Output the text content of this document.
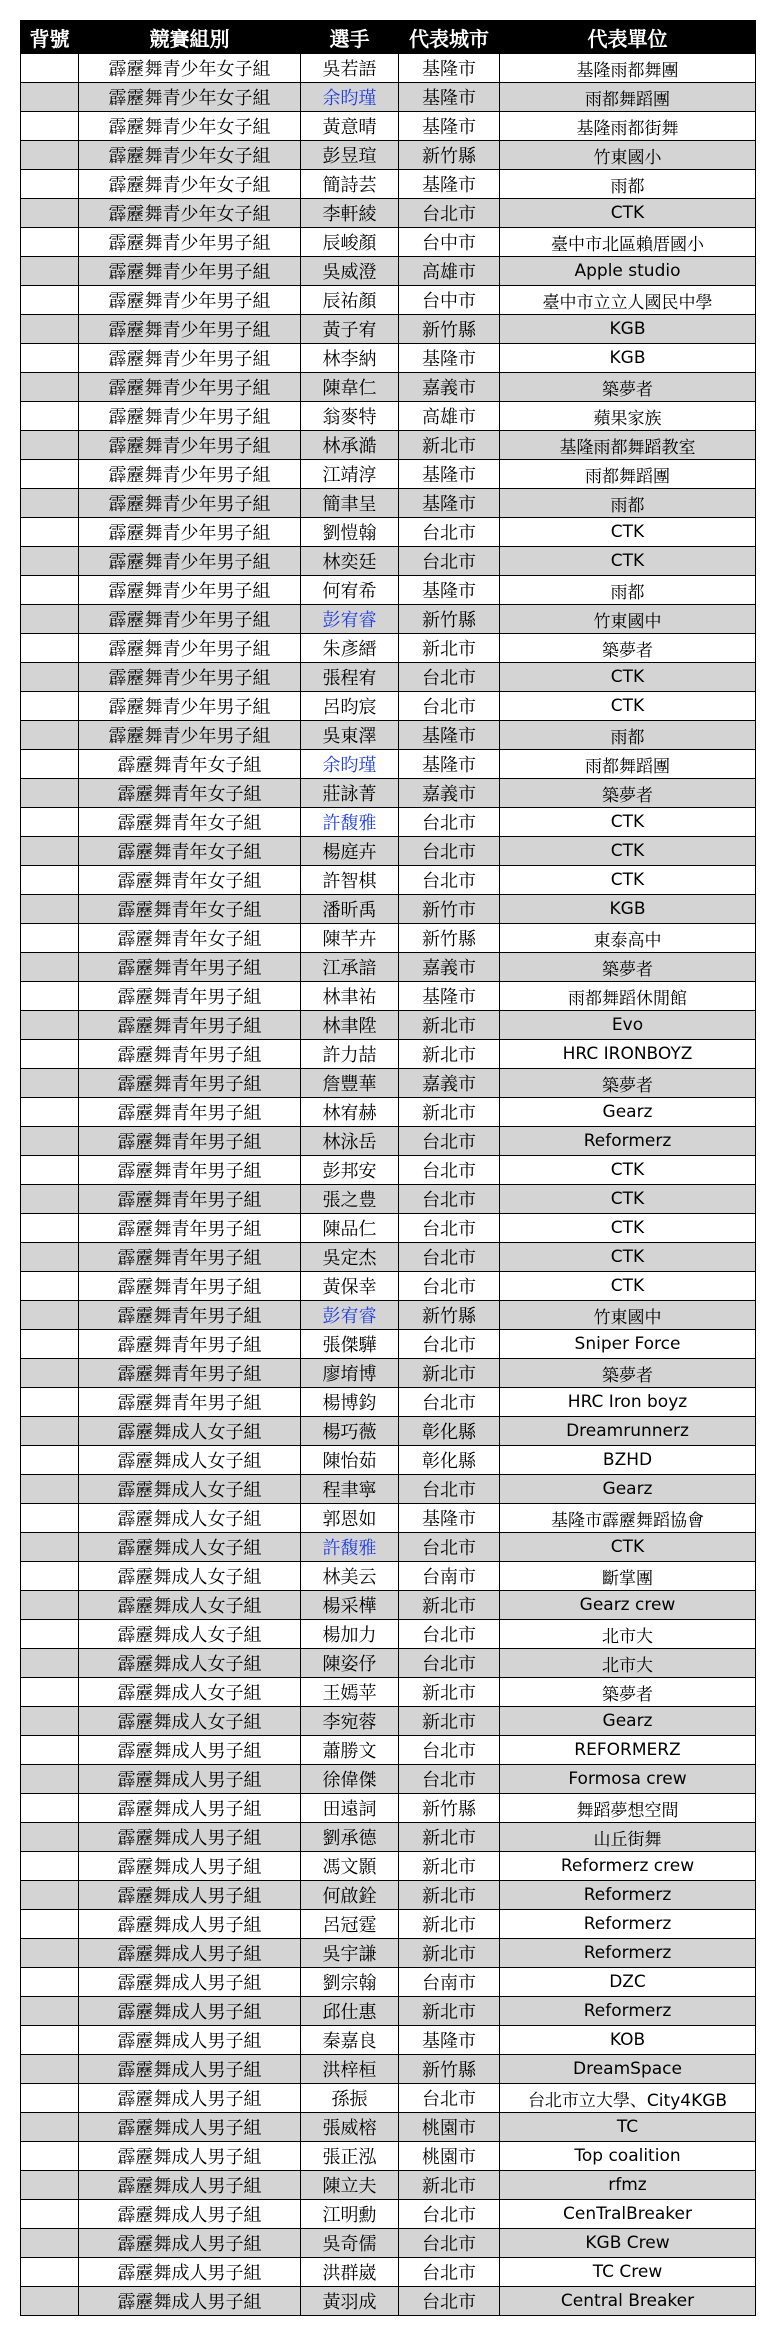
背號	競賽組別	選手	代表城市	代表單位
	霹靂舞青少年女子組	吳若語	基隆市	基隆雨都舞團
	霹靂舞青少年女子組	余昀瑾	基隆市	雨都舞蹈團
	霹靂舞青少年女子組	黃意晴	基隆市	基隆雨都街舞
	霹靂舞青少年女子組	彭昱瑄	新竹縣	竹東國小
	霹靂舞青少年女子組	簡詩芸	基隆市	雨都
	霹靂舞青少年女子組	李軒綾	台北市	CTK
	霹靂舞青少年男子組	辰峻顏	台中市	臺中市北區賴厝國小
	霹靂舞青少年男子組	吳威澄	高雄市	Apple studio
	霹靂舞青少年男子組	辰祐顏	台中市	臺中市立立人國民中學
	霹靂舞青少年男子組	黃子宥	新竹縣	KGB
	霹靂舞青少年男子組	林李納	基隆市	KGB
	霹靂舞青少年男子組	陳韋仁	嘉義市	築夢者
	霹靂舞青少年男子組	翁麥特	高雄市	蘋果家族
	霹靂舞青少年男子組	林承澔	新北市	基隆雨都舞蹈教室
	霹靂舞青少年男子組	江靖淳	基隆市	雨都舞蹈團
	霹靂舞青少年男子組	簡聿呈	基隆市	雨都
	霹靂舞青少年男子組	劉愷翰	台北市	CTK
	霹靂舞青少年男子組	林奕廷	台北市	CTK
	霹靂舞青少年男子組	何宥希	基隆市	雨都
	霹靂舞青少年男子組	彭宥睿	新竹縣	竹東國中
	霹靂舞青少年男子組	朱彥縉	新北市	築夢者
	霹靂舞青少年男子組	張程宥	台北市	CTK
	霹靂舞青少年男子組	呂昀宸	台北市	CTK
	霹靂舞青少年男子組	吳東澤	基隆市	雨都
	霹靂舞青年女子組	余昀瑾	基隆市	雨都舞蹈團
	霹靂舞青年女子組	莊詠菁	嘉義市	築夢者
	霹靂舞青年女子組	許馥雅	台北市	CTK
	霹靂舞青年女子組	楊庭卉	台北市	CTK
	霹靂舞青年女子組	許智棋	台北市	CTK
	霹靂舞青年女子組	潘昕禹	新竹市	KGB
	霹靂舞青年女子組	陳芊卉	新竹縣	東泰高中
	霹靂舞青年男子組	江承諳	嘉義市	築夢者
	霹靂舞青年男子組	林聿祐	基隆市	雨都舞蹈休閒館
	霹靂舞青年男子組	林聿陞	新北市	Evo
	霹靂舞青年男子組	許力喆	新北市	HRC IRONBOYZ
	霹靂舞青年男子組	詹豐華	嘉義市	築夢者
	霹靂舞青年男子組	林宥赫	新北市	Gearz
	霹靂舞青年男子組	林泳岳	台北市	Reformerz
	霹靂舞青年男子組	彭邦安	台北市	CTK
	霹靂舞青年男子組	張之豊	台北市	CTK
	霹靂舞青年男子組	陳品仁	台北市	CTK
	霹靂舞青年男子組	吳定杰	台北市	CTK
	霹靂舞青年男子組	黃保幸	台北市	CTK
	霹靂舞青年男子組	彭宥睿	新竹縣	竹東國中
	霹靂舞青年男子組	張傑驊	台北市	Sniper Force
	霹靂舞青年男子組	廖堉博	新北市	築夢者
	霹靂舞青年男子組	楊博鈞	台北市	HRC Iron boyz
	霹靂舞成人女子組	楊巧薇	彰化縣	Dreamrunnerz
	霹靂舞成人女子組	陳怡茹	彰化縣	BZHD
	霹靂舞成人女子組	程聿寧	台北市	Gearz
	霹靂舞成人女子組	郭恩如	基隆市	基隆市霹靂舞蹈協會
	霹靂舞成人女子組	許馥雅	台北市	CTK
	霹靂舞成人女子組	林美云	台南市	斷掌團
	霹靂舞成人女子組	楊采樺	新北市	Gearz crew
	霹靂舞成人女子組	楊加力	台北市	北市大
	霹靂舞成人女子組	陳姿伃	台北市	北市大
	霹靂舞成人女子組	王嫣苹	新北市	築夢者
	霹靂舞成人女子組	李宛蓉	新北市	Gearz
	霹靂舞成人男子組	蕭勝文	台北市	REFORMERZ
	霹靂舞成人男子組	徐偉傑	台北市	Formosa crew
	霹靂舞成人男子組	田遠詞	新竹縣	舞蹈夢想空間
	霹靂舞成人男子組	劉承德	新北市	山丘街舞
	霹靂舞成人男子組	馮文顥	新北市	Reformerz crew
	霹靂舞成人男子組	何啟銓	新北市	Reformerz
	霹靂舞成人男子組	呂冠霆	新北市	Reformerz
	霹靂舞成人男子組	吳宇謙	新北市	Reformerz
	霹靂舞成人男子組	劉宗翰	台南市	DZC
	霹靂舞成人男子組	邱仕惠	新北市	Reformerz
	霹靂舞成人男子組	秦嘉良	基隆市	KOB
	霹靂舞成人男子組	洪梓桓	新竹縣	DreamSpace
	霹靂舞成人男子組	孫振	台北市	台北市立大學、City4KGB
	霹靂舞成人男子組	張威榕	桃園市	TC
	霹靂舞成人男子組	張正泓	桃園市	Top coalition
	霹靂舞成人男子組	陳立夫	新北市	rfmz
	霹靂舞成人男子組	江明勳	台北市	CenTralBreaker
	霹靂舞成人男子組	吳奇儒	台北市	KGB Crew
	霹靂舞成人男子組	洪群崴	台北市	TC Crew
	霹靂舞成人男子組	黃羽成	台北市	Central Breaker
